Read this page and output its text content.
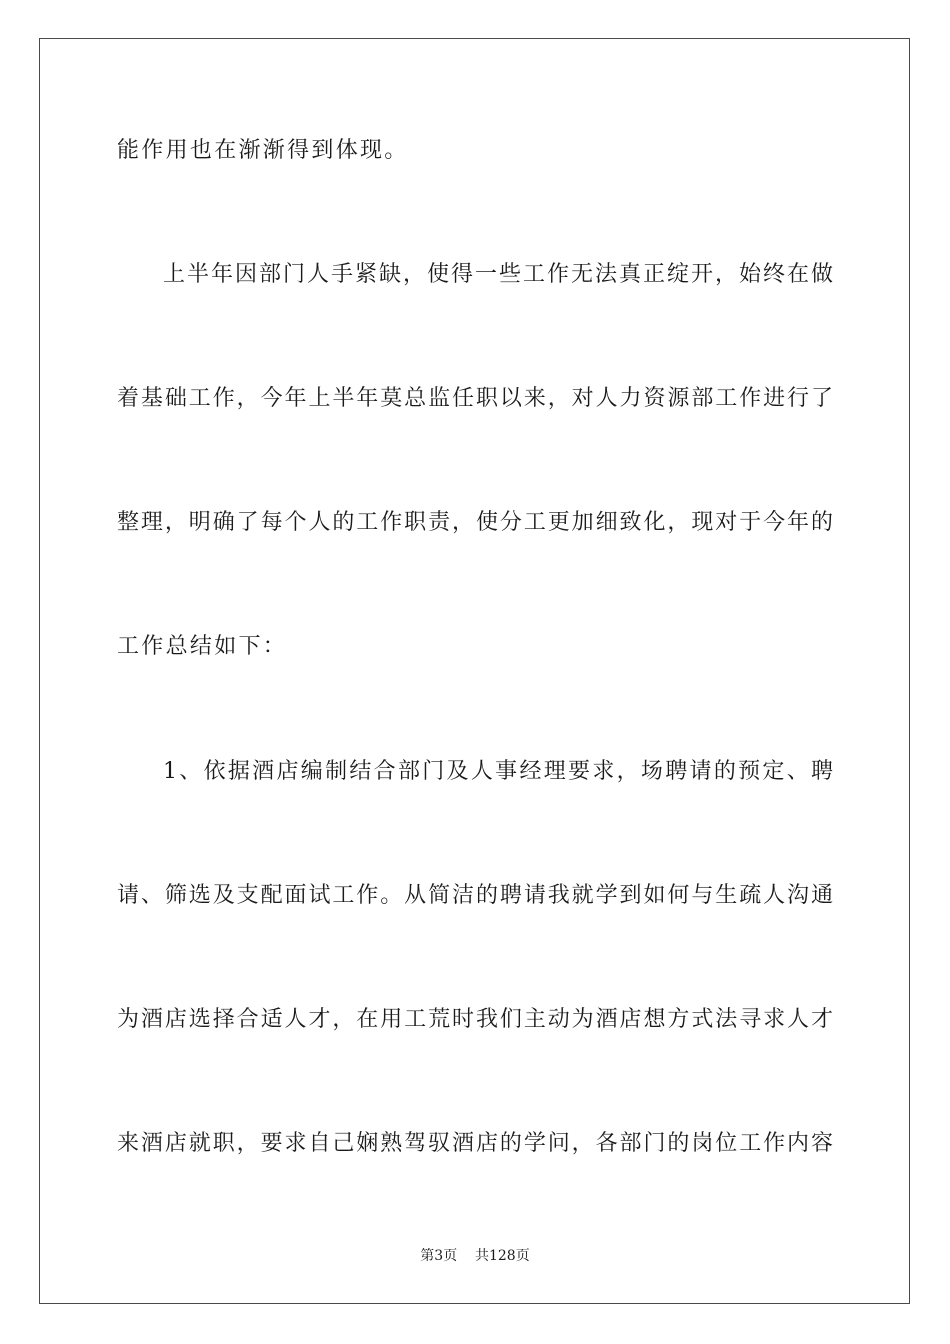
能作用也在渐渐得到体现。
上半年因部门人手紧缺，使得一些工作无法真正绽开，始终在做
着基础工作，今年上半年莫总监任职以来，对人力资源部工作进行了
整理，明确了每个人的工作职责，使分工更加细致化，现对于今年的
工作总结如下：
1、依据酒店编制结合部门及人事经理要求，场聘请的预定、聘
请、筛选及支配面试工作。从简洁的聘请我就学到如何与生疏人沟通
为酒店选择合适人才，在用工荒时我们主动为酒店想方式法寻求人才
来酒店就职，要求自己娴熟驾驭酒店的学问，各部门的岗位工作内容
第3页    共128页
